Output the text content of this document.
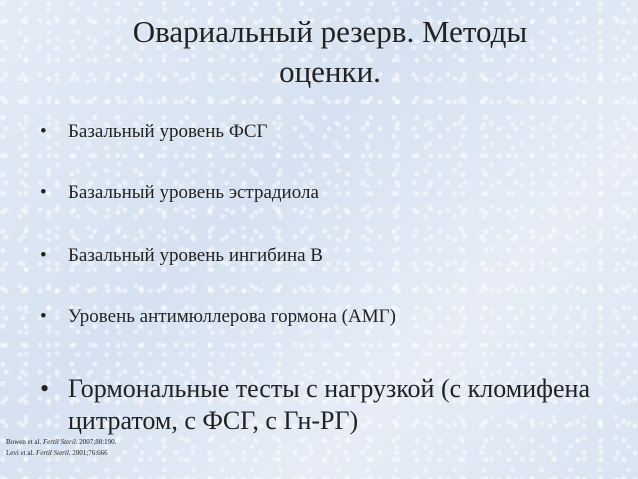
Овариальный резерв. Методы оценки.
•	Базальный уровень ФСГ
•	Базальный уровень эстрадиола
•	Базальный уровень ингибина В
•	Уровень антимюллерова гормона (АМГ)
• Гормональные тесты с нагрузкой (с кломифена цитратом, с ФСГ, с Гн-РГ)
Bowen et al. Fertil Steril. 2007;88:190.
Levi et al. Fertil Steril. 2001;76:666
